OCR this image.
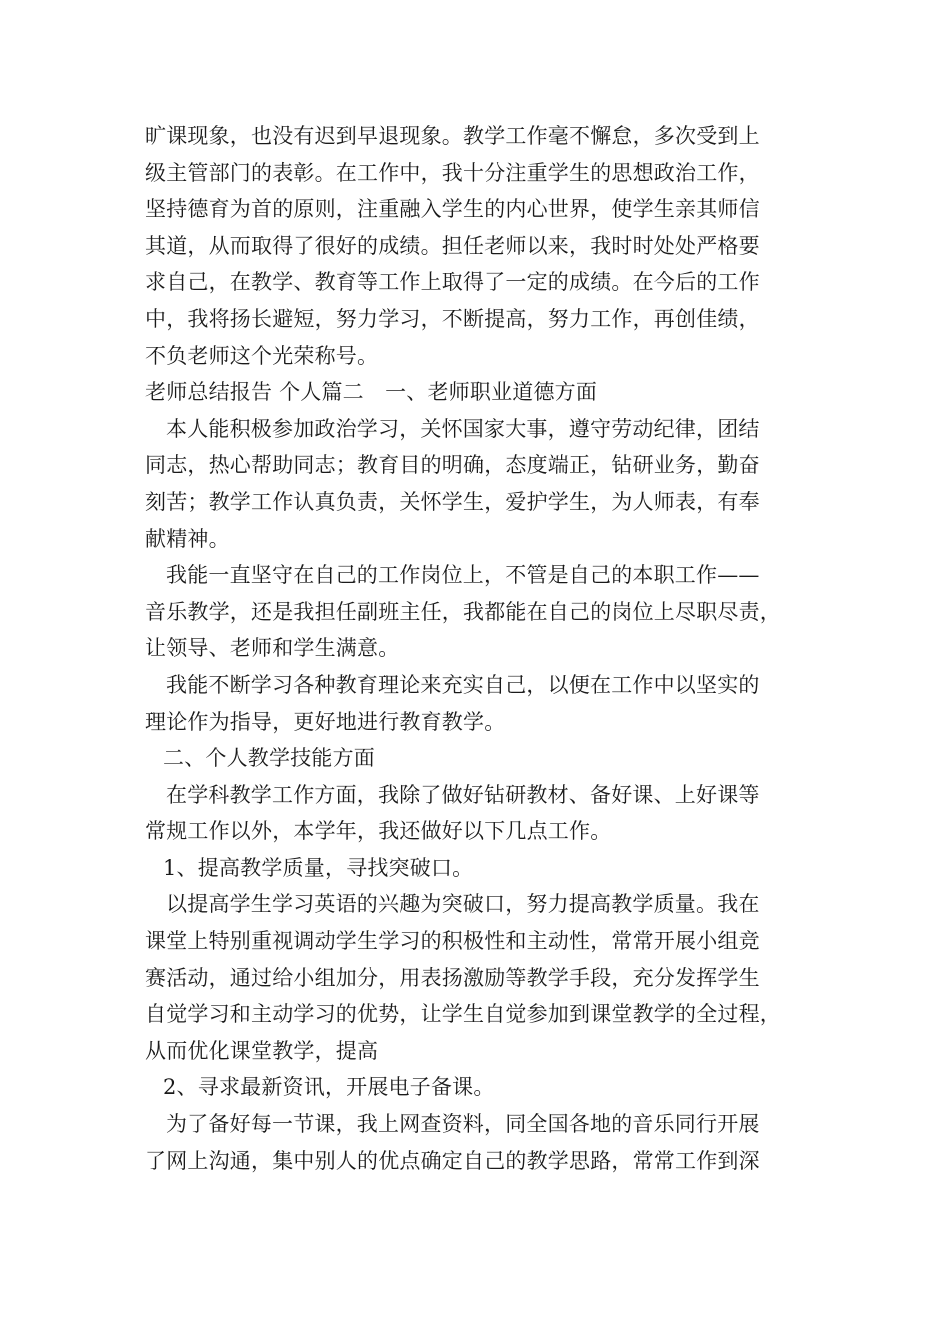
旷课现象，也没有迟到早退现象。教学工作毫不懈怠，多次受到上
级主管部门的表彰。在工作中，我十分注重学生的思想政治工作，
坚持德育为首的原则，注重融入学生的内心世界，使学生亲其师信
其道，从而取得了很好的成绩。担任老师以来，我时时处处严格要
求自己，在教学、教育等工作上取得了一定的成绩。在今后的工作
中，我将扬长避短，努力学习，不断提高，努力工作，再创佳绩，
不负老师这个光荣称号。
老师总结报告 个人篇二　一、老师职业道德方面
本人能积极参加政治学习，关怀国家大事，遵守劳动纪律，团结
同志，热心帮助同志；教育目的明确，态度端正，钻研业务，勤奋
刻苦；教学工作认真负责，关怀学生，爱护学生，为人师表，有奉
献精神。
我能一直坚守在自己的工作岗位上，不管是自己的本职工作——
音乐教学，还是我担任副班主任，我都能在自己的岗位上尽职尽责，
让领导、老师和学生满意。
我能不断学习各种教育理论来充实自己，以便在工作中以坚实的
理论作为指导，更好地进行教育教学。
二、个人教学技能方面
在学科教学工作方面，我除了做好钻研教材、备好课、上好课等
常规工作以外，本学年，我还做好以下几点工作。
1、提高教学质量，寻找突破口。
以提高学生学习英语的兴趣为突破口，努力提高教学质量。我在
课堂上特别重视调动学生学习的积极性和主动性，常常开展小组竞
赛活动，通过给小组加分，用表扬激励等教学手段，充分发挥学生
自觉学习和主动学习的优势，让学生自觉参加到课堂教学的全过程，
从而优化课堂教学，提高
2、寻求最新资讯，开展电子备课。
为了备好每一节课，我上网查资料，同全国各地的音乐同行开展
了网上沟通，集中别人的优点确定自己的教学思路，常常工作到深
